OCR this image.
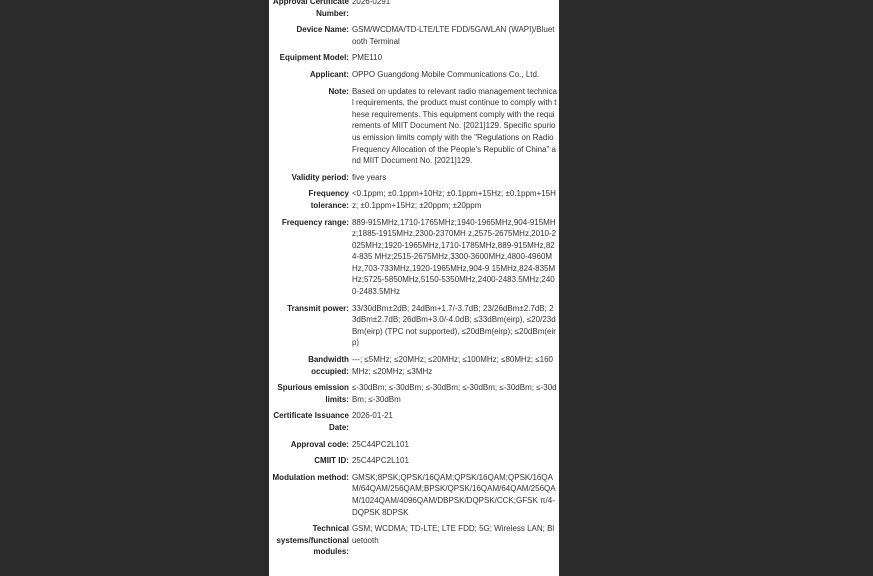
Approval Certificate Number:	2026-0291

Device Name:	GSM/WCDMA/TD-LTE/LTE FDD/5G/WLAN (WAPI)/Bluetooth Terminal

Equipment Model:	PME110

Applicant:	OPPO Guangdong Mobile Communications Co., Ltd.

Note:	Based on updates to relevant radio management technical requirements, the product must continue to comply with these requirements. This equipment comply with the requirements of MIIT Document No. [2021]129. Specific spurious emission limits comply with the "Regulations on Radio Frequency Allocation of the People's Republic of China" and MIIT Document No. [2021]129.

Validity period:	five years

Frequency tolerance:	<0.1ppm; ±0.1ppm+10Hz; ±0.1ppm+15Hz; ±0.1ppm+15Hz; ±0.1ppm+15Hz; ±20ppm; ±20ppm

Frequency range:	889-915MHz,1710-1765MHz;1940-1965MHz,904-915MHz;1885-1915MHz,2300-2370MH z,2575-2675MHz,2010-2025MHz;1920-1965MHz,1710-1785MHz,889-915MHz,824-835 MHz;2515-2675MHz,3300-3600MHz,4800-4960MHz,703-733MHz,1920-1965MHz,904-9 15MHz,824-835MHz;5725-5850MHz,5150-5350MHz,2400-2483.5MHz;2400-2483.5MHz

Transmit power:	33/30dBm±2dB; 24dBm+1.7/-3.7dB; 23/26dBm±2.7dB; 23dBm±2.7dB; 26dBm+3.0/-4.0dB; ≤33dBm(eirp), ≤20/23dBm(eirp) (TPC not supported), ≤20dBm(eirp); ≤20dBm(eirp)

Bandwidth occupied:	---; ≤5MHz; ≤20MHz; ≤20MHz; ≤100MHz; ≤80MHz; ≤160MHz; ≤20MHz; ≤3MHz

Spurious emission limits:	≤-30dBm; ≤-30dBm; ≤-30dBm; ≤-30dBm; ≤-30dBm; ≤-30dBm; ≤-30dBm

Certificate Issuance Date:	2026-01-21

Approval code:	25C44PC2L101

CMIIT ID:	25C44PC2L101

Modulation method:	GMSK;8PSK;QPSK/16QAM;QPSK/16QAM;QPSK/16QAM/64QAM/256QAM;BPSK/QPSK/16QAM/64QAM/256QAM/1024QAM/4096QAM/DBPSK/DQPSK/CCK;GFSK π/4-DQPSK 8DPSK

Technical systems/functional modules:	GSM; WCDMA; TD-LTE; LTE FDD; 5G; Wireless LAN; Bluetooth
